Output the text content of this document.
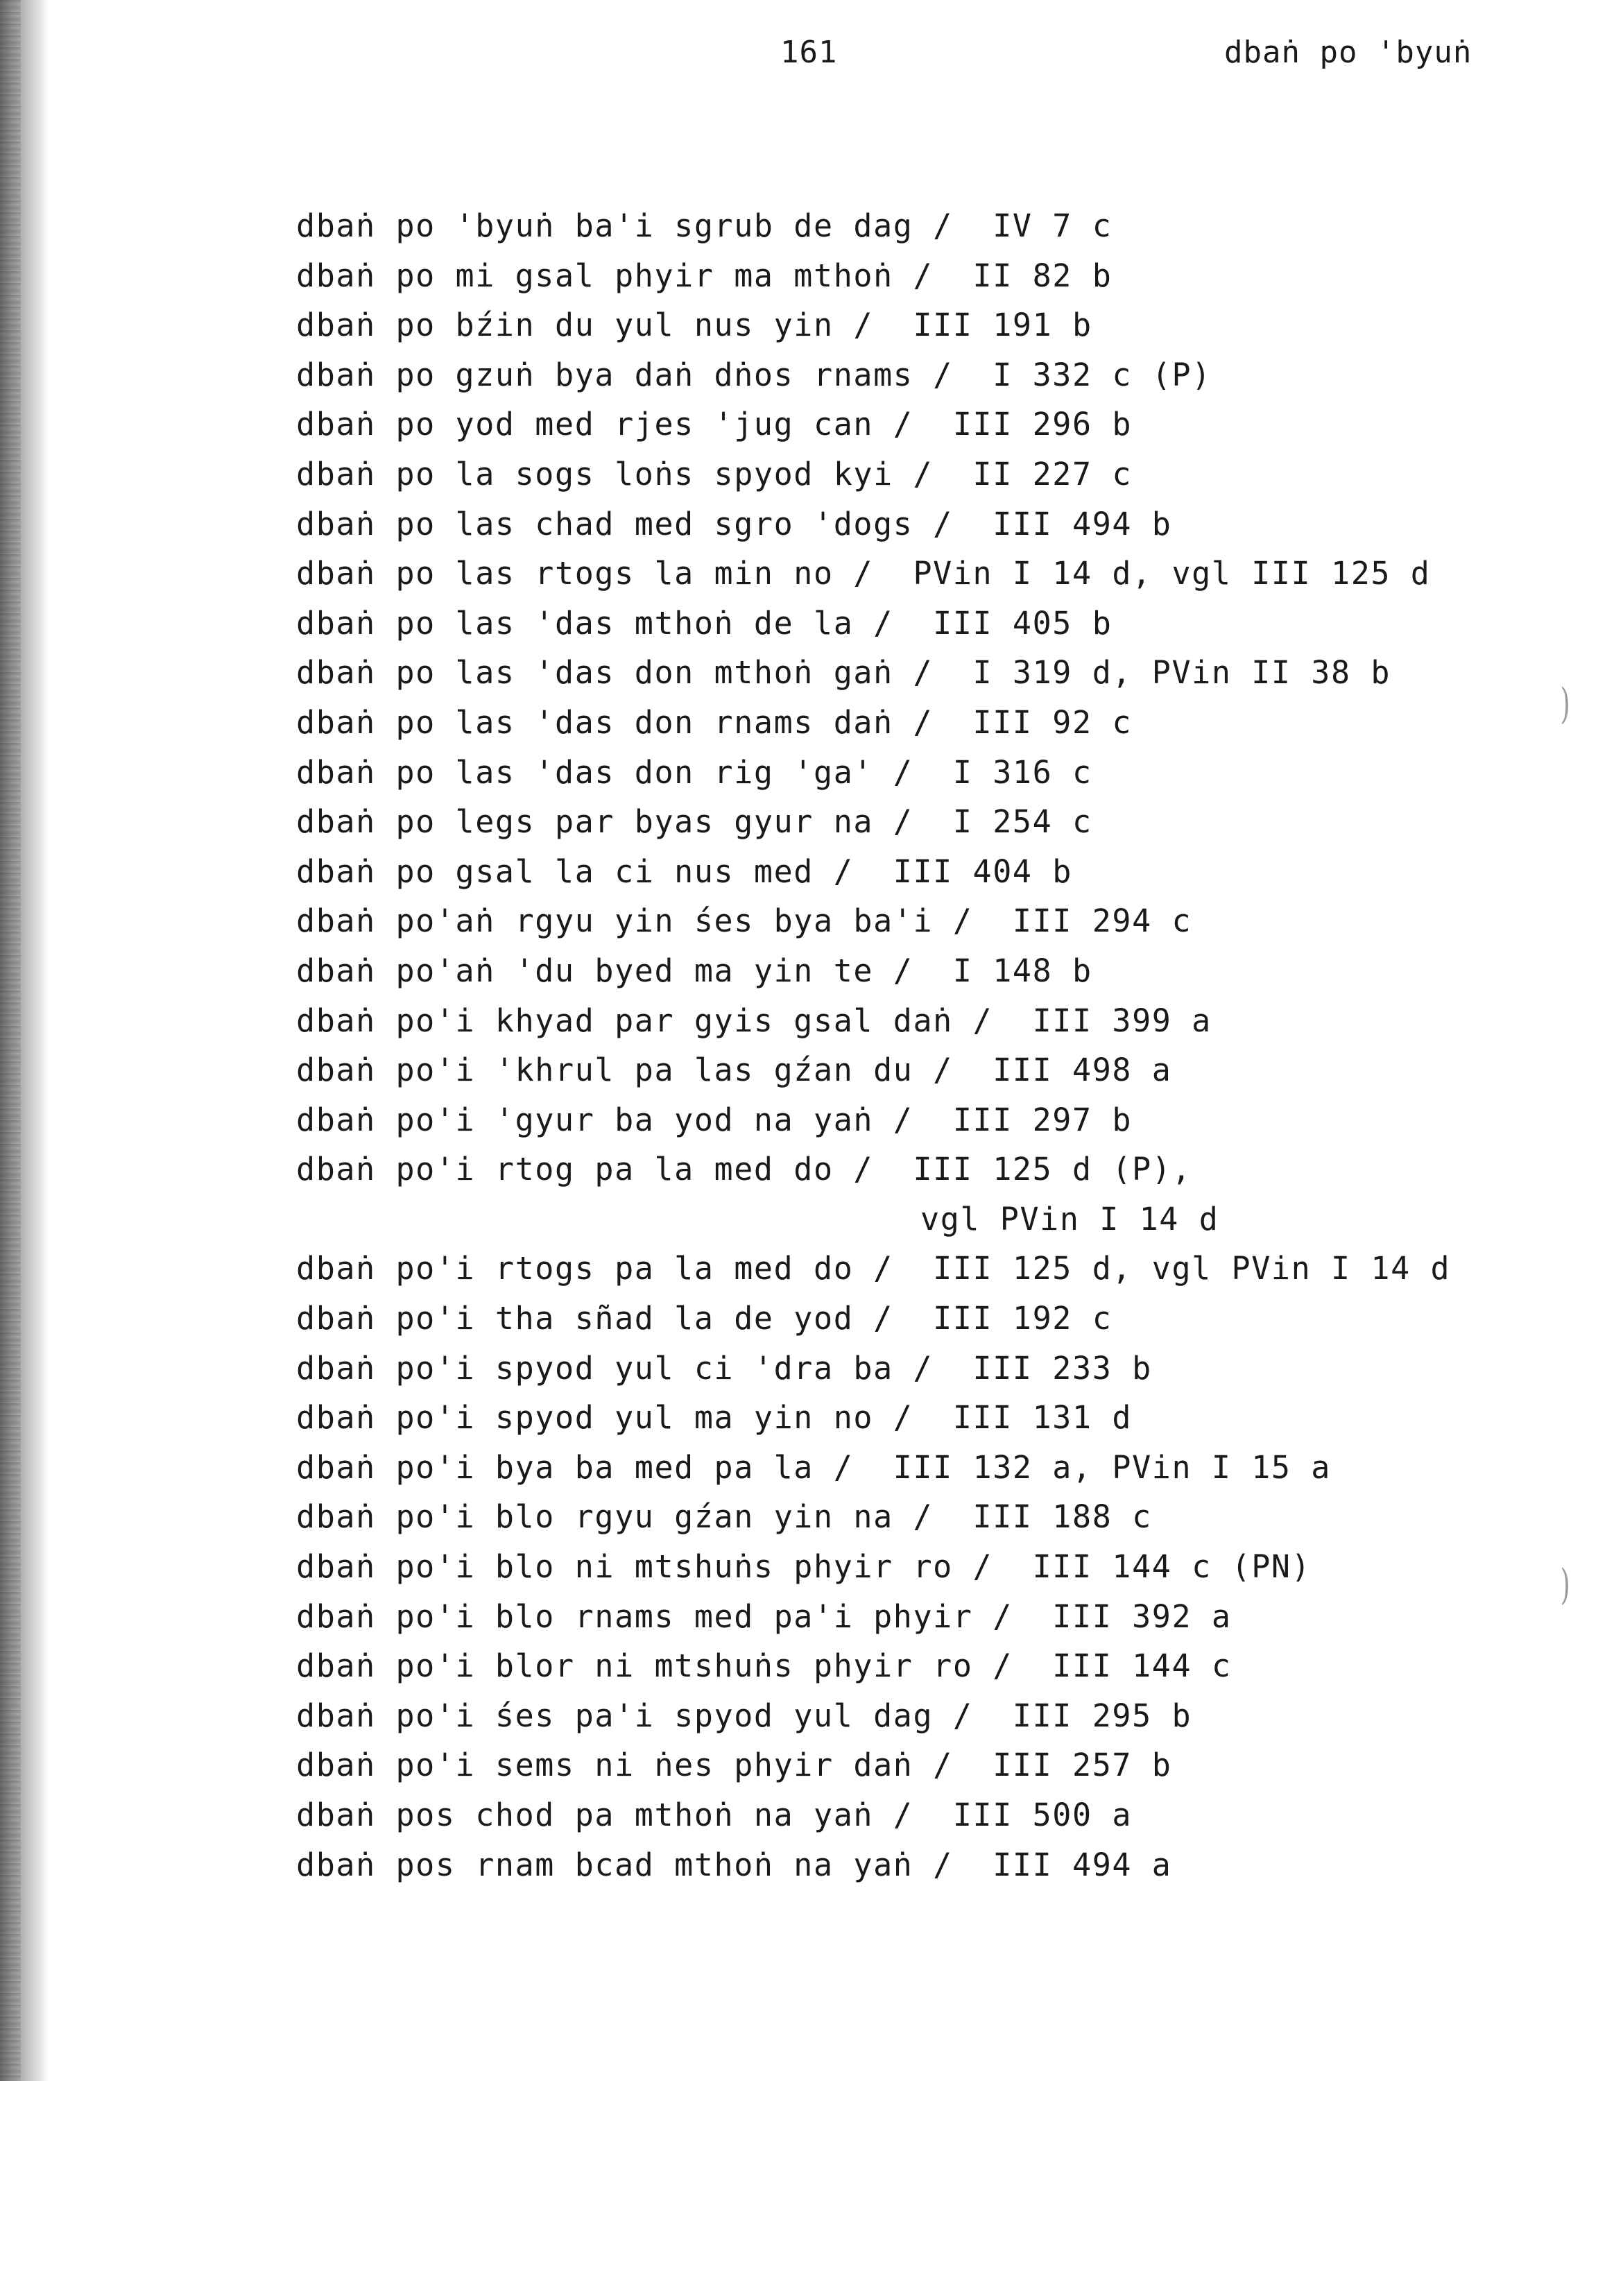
161	dbaṅ po 'byuṅ
dbaṅ po 'byuṅ ba'i sgrub de dag /  IV 7 c
dbaṅ po mi gsal phyir ma mthoṅ /  II 82 b
dbaṅ po bźin du yul nus yin /  III 191 b
dbaṅ po gzuṅ bya daṅ dṅos rnams /  I 332 c (P)
dbaṅ po yod med rjes 'jug can /  III 296 b
dbaṅ po la sogs loṅs spyod kyi /  II 227 c
dbaṅ po las chad med sgro 'dogs /  III 494 b
dbaṅ po las rtogs la min no /  PVin I 14 d, vgl III 125 d
dbaṅ po las 'das mthoṅ de la /  III 405 b
dbaṅ po las 'das don mthoṅ gaṅ /  I 319 d, PVin II 38 b
dbaṅ po las 'das don rnams daṅ /  III 92 c
dbaṅ po las 'das don rig 'ga' /  I 316 c
dbaṅ po legs par byas gyur na /  I 254 c
dbaṅ po gsal la ci nus med /  III 404 b
dbaṅ po'aṅ rgyu yin śes bya ba'i /  III 294 c
dbaṅ po'aṅ 'du byed ma yin te /  I 148 b
dbaṅ po'i khyad par gyis gsal daṅ /  III 399 a
dbaṅ po'i 'khrul pa las gźan du /  III 498 a
dbaṅ po'i 'gyur ba yod na yaṅ /  III 297 b
dbaṅ po'i rtog pa la med do /  III 125 d (P),
vgl PVin I 14 d
dbaṅ po'i rtogs pa la med do /  III 125 d, vgl PVin I 14 d
dbaṅ po'i tha sñad la de yod /  III 192 c
dbaṅ po'i spyod yul ci 'dra ba /  III 233 b
dbaṅ po'i spyod yul ma yin no /  III 131 d
dbaṅ po'i bya ba med pa la /  III 132 a, PVin I 15 a
dbaṅ po'i blo rgyu gźan yin na /  III 188 c
dbaṅ po'i blo ni mtshuṅs phyir ro /  III 144 c (PN)
dbaṅ po'i blo rnams med pa'i phyir /  III 392 a
dbaṅ po'i blor ni mtshuṅs phyir ro /  III 144 c
dbaṅ po'i śes pa'i spyod yul dag /  III 295 b
dbaṅ po'i sems ni ṅes phyir daṅ /  III 257 b
dbaṅ pos chod pa mthoṅ na yaṅ /  III 500 a
dbaṅ pos rnam bcad mthoṅ na yaṅ /  III 494 a
)
)
